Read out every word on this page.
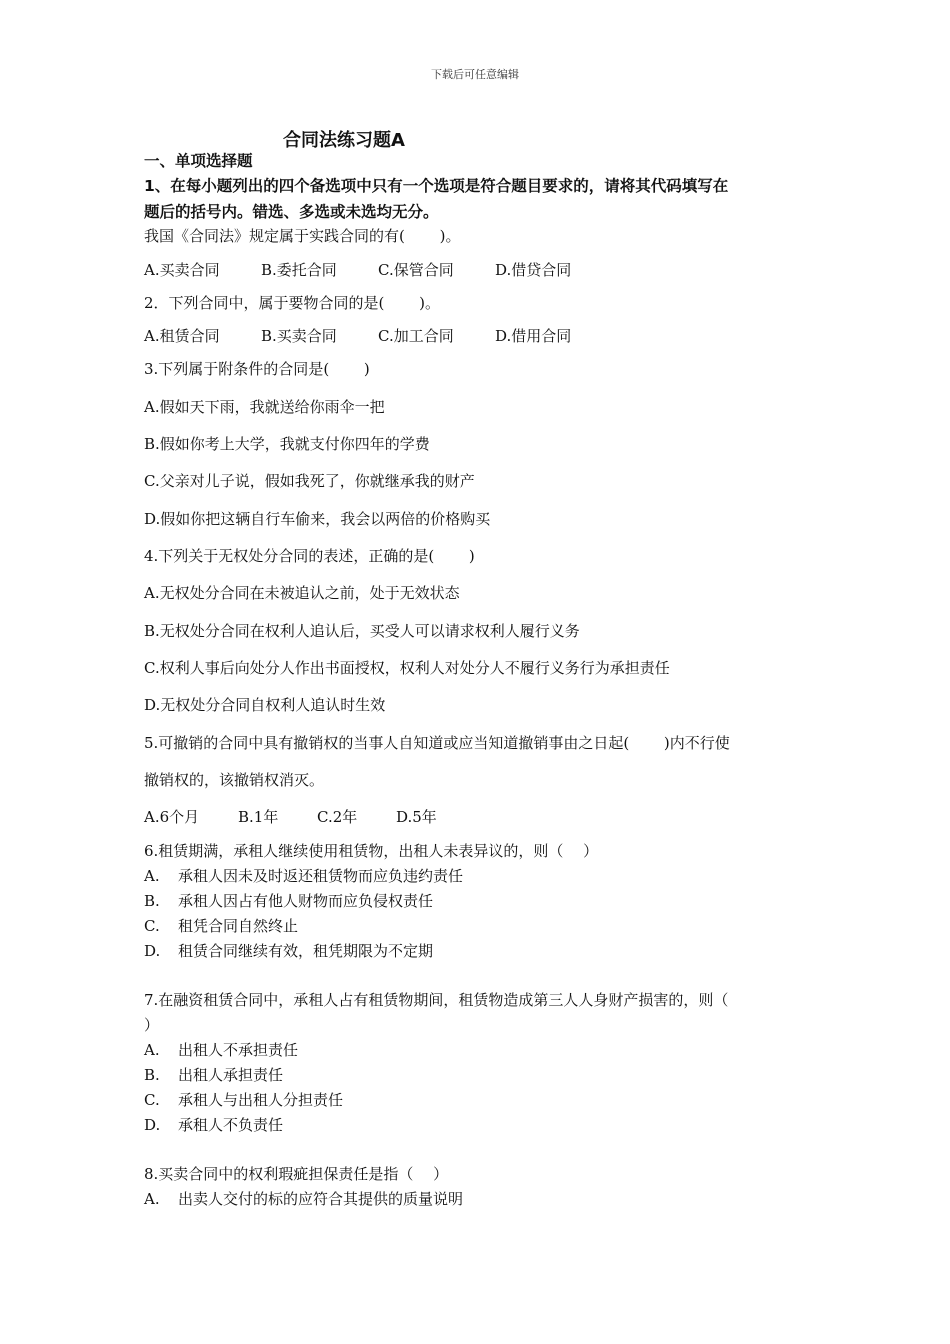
下载后可任意编辑
合同法练习题A
一、单项选择题
1、在每小题列出的四个备选项中只有一个选项是符合题目要求的，请将其代码填写在
题后的括号内。错选、多选或未选均无分。
我国《合同法》规定属于实践合同的有(　　 )。
A.买卖合同	B.委托合同	C.保管合同	D.借贷合同
2．下列合同中，属于要物合同的是(　　 )。
A.租赁合同	B.买卖合同	C.加工合同	D.借用合同
3.下列属于附条件的合同是(　　 )
A.假如天下雨，我就送给你雨伞一把
B.假如你考上大学，我就支付你四年的学费
C.父亲对儿子说，假如我死了，你就继承我的财产
D.假如你把这辆自行车偷来，我会以两倍的价格购买
4.下列关于无权处分合同的表述，正确的是(　　 )
A.无权处分合同在未被追认之前，处于无效状态
B.无权处分合同在权利人追认后，买受人可以请求权利人履行义务
C.权利人事后向处分人作出书面授权，权利人对处分人不履行义务行为承担责任
D.无权处分合同自权利人追认时生效
5.可撤销的合同中具有撤销权的当事人自知道或应当知道撤销事由之日起(　　 )内不行使
撤销权的，该撤销权消灭。
A.6个月	B.1年	C.2年	D.5年
6.租赁期满，承租人继续使用租赁物，出租人未表异议的，则（　 ）
A. 承租人因未及时返还租赁物而应负违约责任
B. 承租人因占有他人财物而应负侵权责任
C. 租凭合同自然终止
D. 租赁合同继续有效，租凭期限为不定期
7.在融资租赁合同中，承租人占有租赁物期间，租赁物造成第三人人身财产损害的，则（
）
A. 出租人不承担责任
B. 出租人承担责任
C. 承租人与出租人分担责任
D. 承租人不负责任
8.买卖合同中的权利瑕疵担保责任是指（　 ）
A. 出卖人交付的标的应符合其提供的质量说明
